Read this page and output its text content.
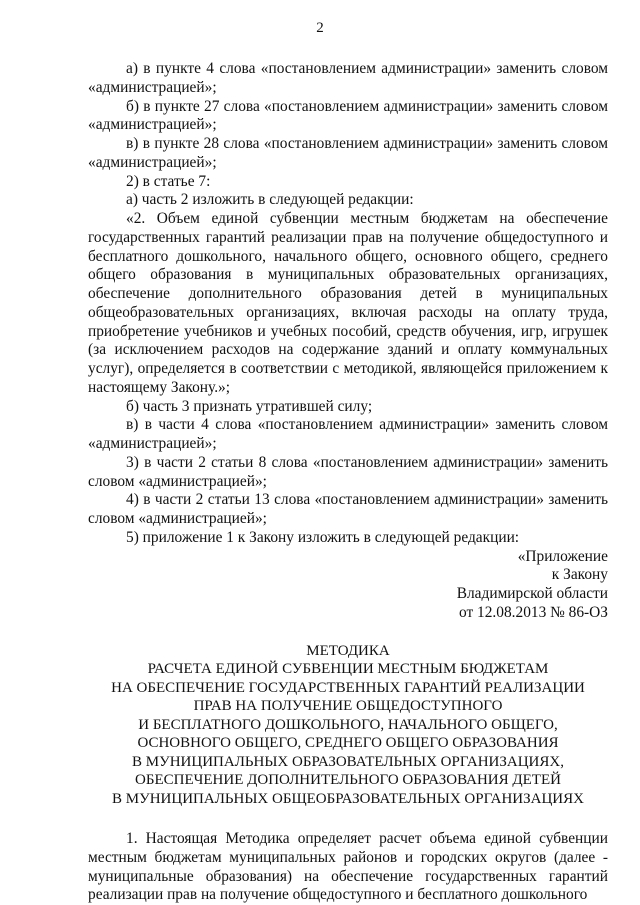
2

а) в пункте 4 слова «постановлением администрации» заменить словом «администрацией»;

б) в пункте 27 слова «постановлением администрации» заменить словом «администрацией»;

в) в пункте 28 слова «постановлением администрации» заменить словом «администрацией»;

2) в статье 7:

а) часть 2 изложить в следующей редакции:

«2. Объем единой субвенции местным бюджетам на обеспечение государственных гарантий реализации прав на получение общедоступного и бесплатного дошкольного, начального общего, основного общего, среднего общего образования в муниципальных образовательных организациях, обеспечение дополнительного образования детей в муниципальных общеобразовательных организациях, включая расходы на оплату труда, приобретение учебников и учебных пособий, средств обучения, игр, игрушек (за исключением расходов на содержание зданий и оплату коммунальных услуг), определяется в соответствии с методикой, являющейся приложением к настоящему Закону.»;

б) часть 3 признать утратившей силу;

в) в части 4 слова «постановлением администрации» заменить словом «администрацией»;

3) в части 2 статьи 8 слова «постановлением администрации» заменить словом «администрацией»;

4) в части 2 статьи 13 слова «постановлением администрации» заменить словом «администрацией»;

5) приложение 1 к Закону изложить в следующей редакции:

«Приложение

к Закону

Владимирской области

от 12.08.2013 № 86-ОЗ

МЕТОДИКА

РАСЧЕТА ЕДИНОЙ СУБВЕНЦИИ МЕСТНЫМ БЮДЖЕТАМ

НА ОБЕСПЕЧЕНИЕ ГОСУДАРСТВЕННЫХ ГАРАНТИЙ РЕАЛИЗАЦИИ

ПРАВ НА ПОЛУЧЕНИЕ ОБЩЕДОСТУПНОГО

И БЕСПЛАТНОГО ДОШКОЛЬНОГО, НАЧАЛЬНОГО ОБЩЕГО,

ОСНОВНОГО ОБЩЕГО, СРЕДНЕГО ОБЩЕГО ОБРАЗОВАНИЯ

В МУНИЦИПАЛЬНЫХ ОБРАЗОВАТЕЛЬНЫХ ОРГАНИЗАЦИЯХ,

ОБЕСПЕЧЕНИЕ ДОПОЛНИТЕЛЬНОГО ОБРАЗОВАНИЯ ДЕТЕЙ

В МУНИЦИПАЛЬНЫХ ОБЩЕОБРАЗОВАТЕЛЬНЫХ ОРГАНИЗАЦИЯХ

1. Настоящая Методика определяет расчет объема единой субвенции местным бюджетам муниципальных районов и городских округов (далее - муниципальные образования) на обеспечение государственных гарантий реализации прав на получение общедоступного и бесплатного дошкольного
